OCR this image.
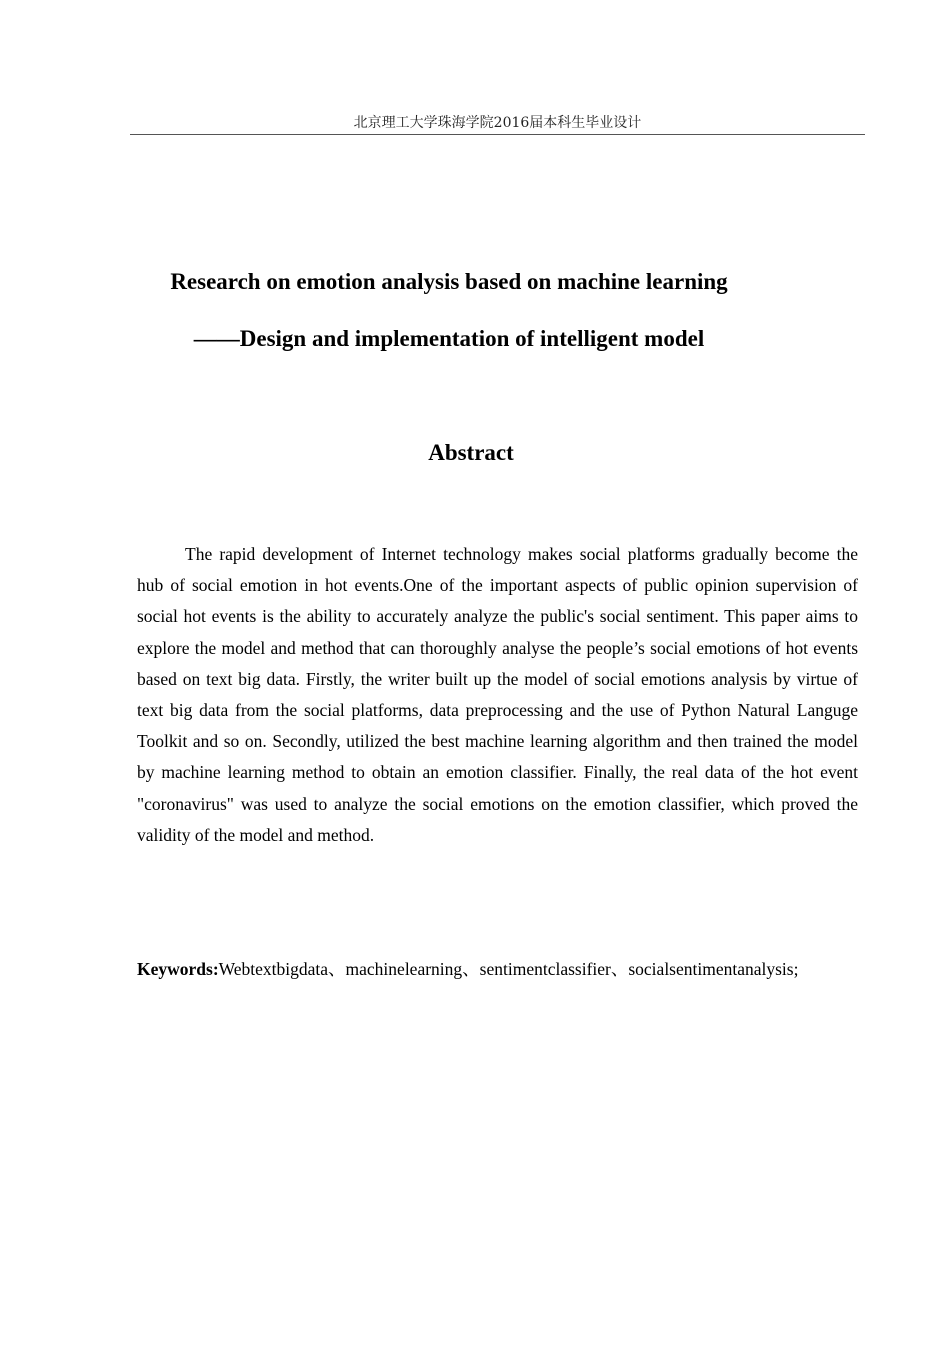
北京理工大学珠海学院2016届本科生毕业设计
Research on emotion analysis based on machine learning
——Design and implementation of intelligent model
Abstract

The rapid development of Internet technology makes social platforms gradually become the hub of social emotion in hot events.One of the important aspects of public opinion supervision of social hot events is the ability to accurately analyze the public's social sentiment. This paper aims to explore the model and method that can thoroughly analyse the people’s social emotions of hot events based on text big data. Firstly, the writer built up the model of social emotions analysis by virtue of text big data from the social platforms, data preprocessing and the use of Python Natural Languge Toolkit and so on. Secondly, utilized the best machine learning algorithm and then trained the model by machine learning method to obtain an emotion classifier. Finally, the real data of the hot event "coronavirus" was used to analyze the social emotions on the emotion classifier, which proved the validity of the model and method.

Keywords:Webtextbigdata、machinelearning、sentimentclassifier、socialsentimentanalysis;
